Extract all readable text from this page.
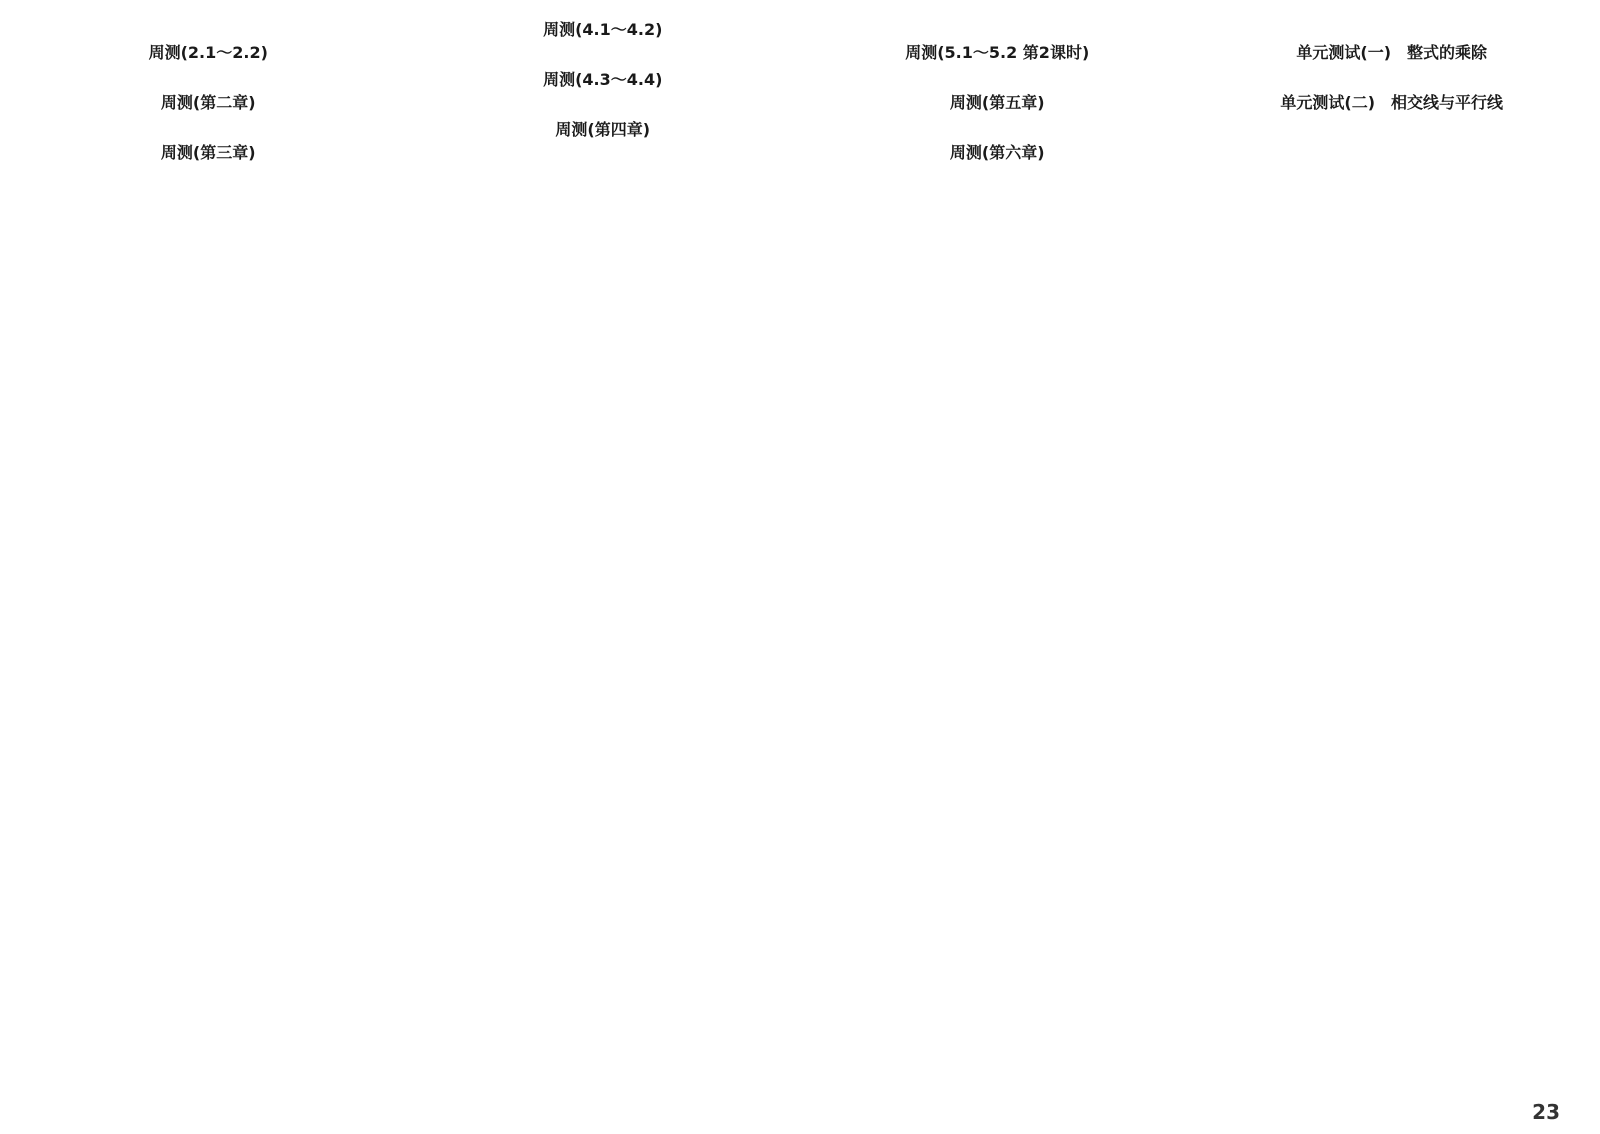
周测(2.1～2.2)

周测(第二章)

周测(第三章)

周测(4.1～4.2)

周测(4.3～4.4)

周测(第四章)

周测(5.1～5.2 第2课时)

周测(第五章)

周测(第六章)

单元测试(一)　整式的乘除

单元测试(二)　相交线与平行线

23
